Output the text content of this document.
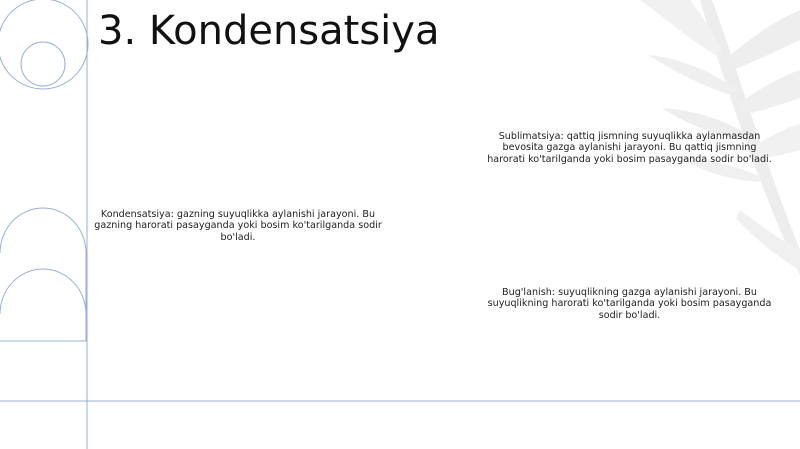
3. Kondensatsiya
Sublimatsiya: qattiq jismning suyuqlikka aylanmasdan bevosita gazga aylanishi jarayoni. Bu qattiq jismning harorati ko'tarilganda yoki bosim pasayganda sodir bo'ladi.
Kondensatsiya: gazning suyuqlikka aylanishi jarayoni. Bu gazning harorati pasayganda yoki bosim ko'tarilganda sodir bo'ladi.
Bug'lanish: suyuqlikning gazga aylanishi jarayoni. Bu suyuqlikning harorati ko'tarilganda yoki bosim pasayganda sodir bo'ladi.
